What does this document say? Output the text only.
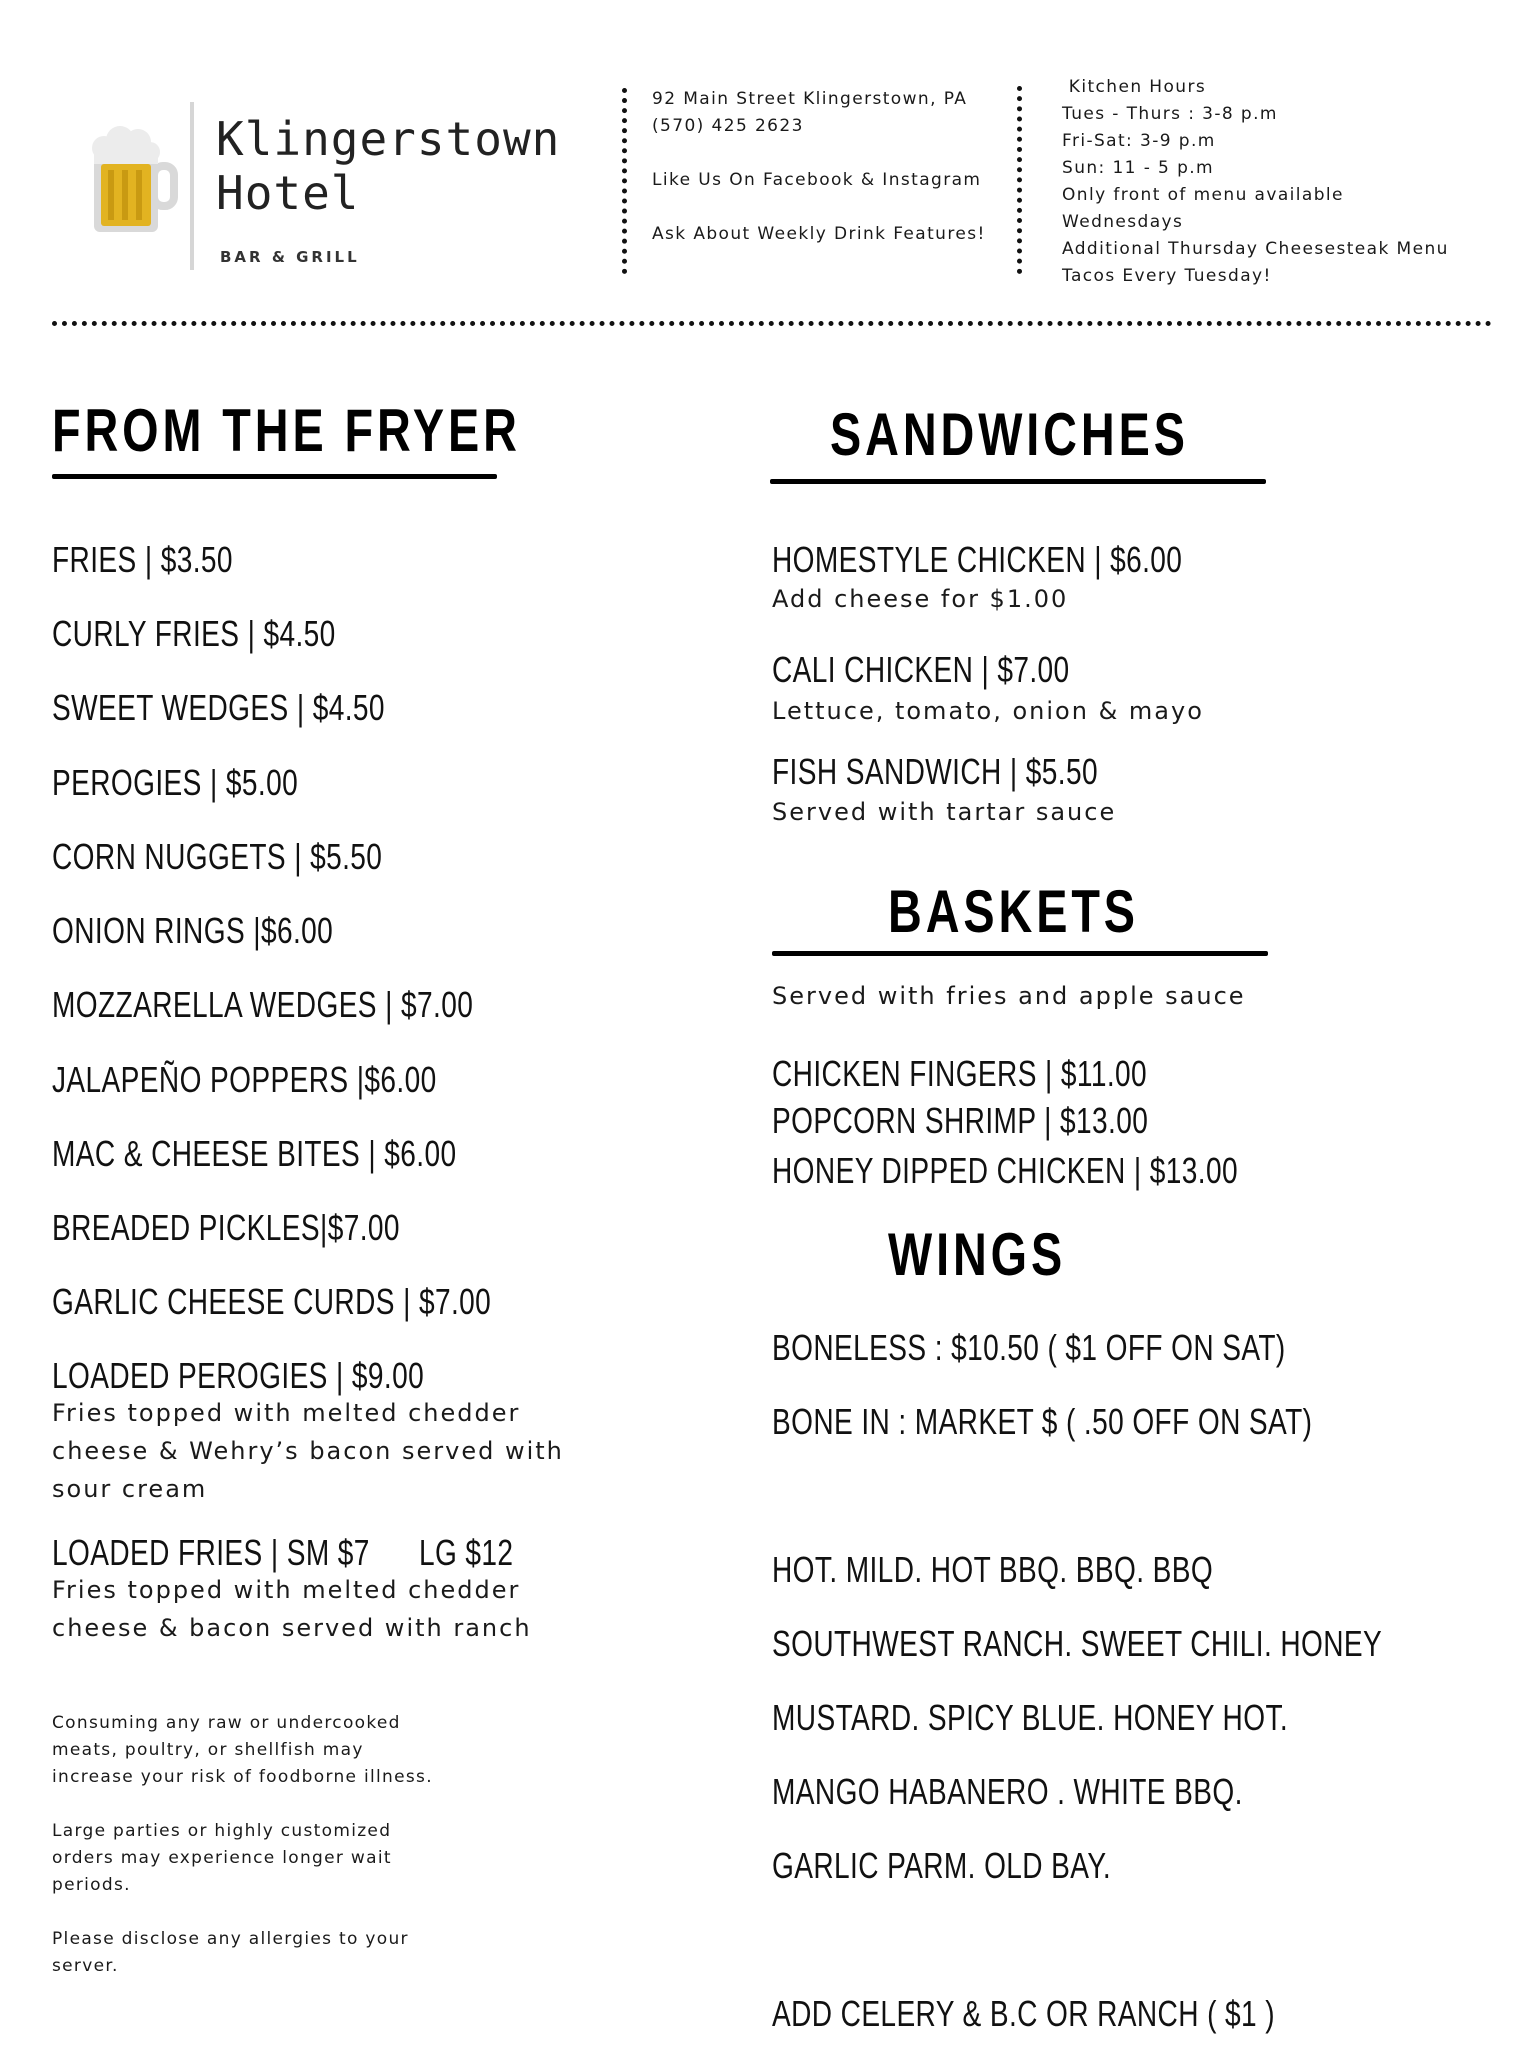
Klingerstown
Hotel
BAR & GRILL
92 Main Street Klingerstown, PA
(570) 425 2623
Like Us On Facebook & Instagram
Ask About Weekly Drink Features!
Kitchen Hours
Tues - Thurs : 3-8 p.m
Fri-Sat: 3-9 p.m
Sun: 11 - 5 p.m
Only front of menu available
Wednesdays
Additional Thursday Cheesesteak Menu
Tacos Every Tuesday!
FROM THE FRYER
FRIES | $3.50
CURLY FRIES | $4.50
SWEET WEDGES | $4.50
PEROGIES | $5.00
CORN NUGGETS | $5.50
ONION RINGS |$6.00
MOZZARELLA WEDGES | $7.00
JALAPEÑO POPPERS |$6.00
MAC & CHEESE BITES | $6.00
BREADED PICKLES|$7.00
GARLIC CHEESE CURDS | $7.00
LOADED PEROGIES | $9.00
Fries topped with melted chedder
cheese & Wehry’s bacon served with
sour cream
LOADED FRIES | SM $7      LG $12
Fries topped with melted chedder
cheese & bacon served with ranch
Consuming any raw or undercooked
meats, poultry, or shellfish may
increase your risk of foodborne illness.
Large parties or highly customized
orders may experience longer wait
periods.
Please disclose any allergies to your
server.
SANDWICHES
HOMESTYLE CHICKEN | $6.00
Add cheese for $1.00
CALI CHICKEN | $7.00
Lettuce, tomato, onion & mayo
FISH SANDWICH | $5.50
Served with tartar sauce
BASKETS
Served with fries and apple sauce
CHICKEN FINGERS | $11.00
POPCORN SHRIMP | $13.00
HONEY DIPPED CHICKEN | $13.00
WINGS
BONELESS : $10.50 ( $1 OFF ON SAT)
BONE IN : MARKET $ ( .50 OFF ON SAT)
HOT. MILD. HOT BBQ. BBQ. BBQ
SOUTHWEST RANCH. SWEET CHILI. HONEY
MUSTARD. SPICY BLUE. HONEY HOT.
MANGO HABANERO . WHITE BBQ.
GARLIC PARM. OLD BAY.
ADD CELERY & B.C OR RANCH ( $1 )
